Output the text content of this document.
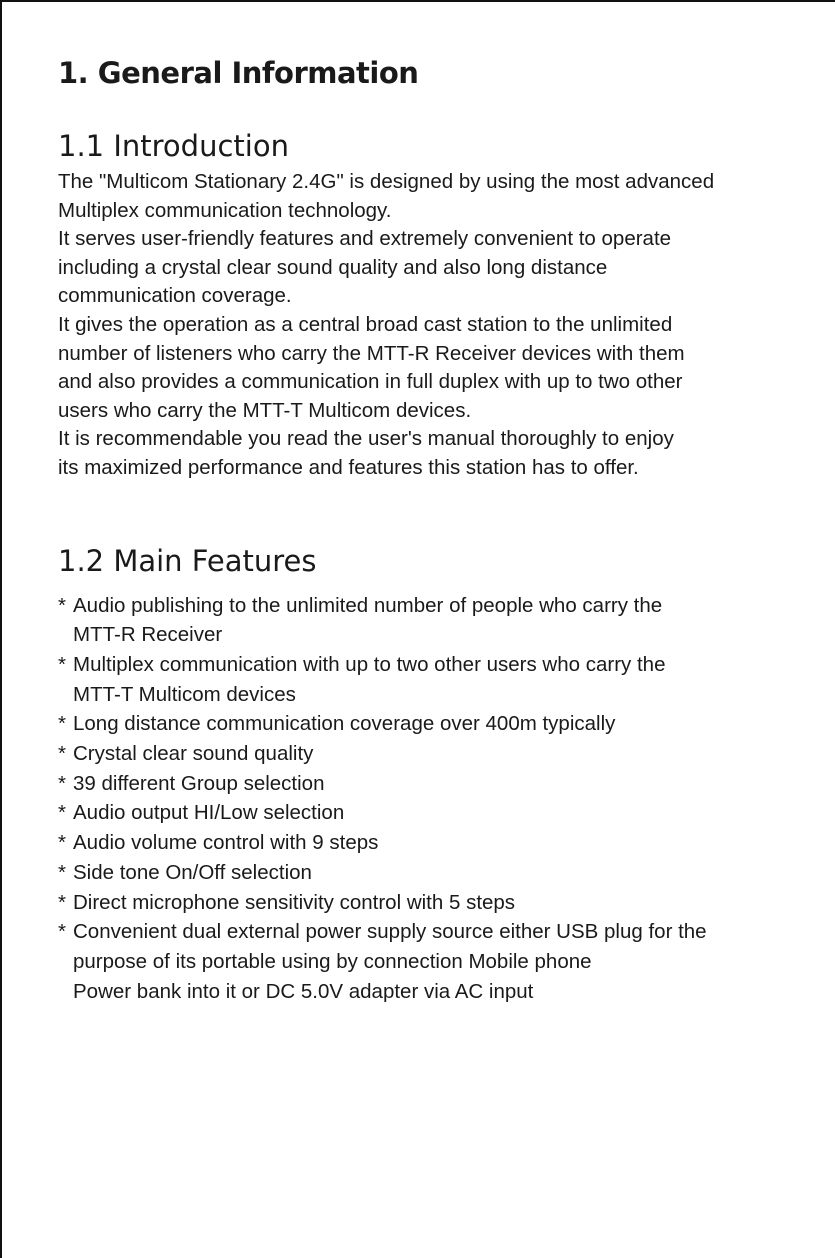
1. General Information
1.1 Introduction

The "Multicom Stationary 2.4G" is designed by using the most advanced
Multiplex communication technology.

It serves user-friendly features and extremely convenient to operate
including a crystal clear sound quality and also long distance
communication coverage.

It gives the operation as a central broad cast station to the unlimited
number of listeners who carry the MTT-R Receiver devices with them
and also provides a communication in full duplex with up to two other
users who carry the MTT-T Multicom devices.

It is recommendable you read the user's manual thoroughly to enjoy
its maximized performance and features this station has to offer.

1.2 Main Features
* Audio publishing to the unlimited number of people who carry the
MTT-R Receiver
* Multiplex communication with up to two other users who carry the
MTT-T Multicom devices
* Long distance communication coverage over 400m typically
* Crystal clear sound quality
* 39 different Group selection
* Audio output HI/Low selection
* Audio volume control with 9 steps
* Side tone On/Off selection
* Direct microphone sensitivity control with 5 steps
* Convenient dual external power supply source either USB plug for the
purpose of its portable using by connection Mobile phone
Power bank into it or DC 5.0V adapter via AC input
